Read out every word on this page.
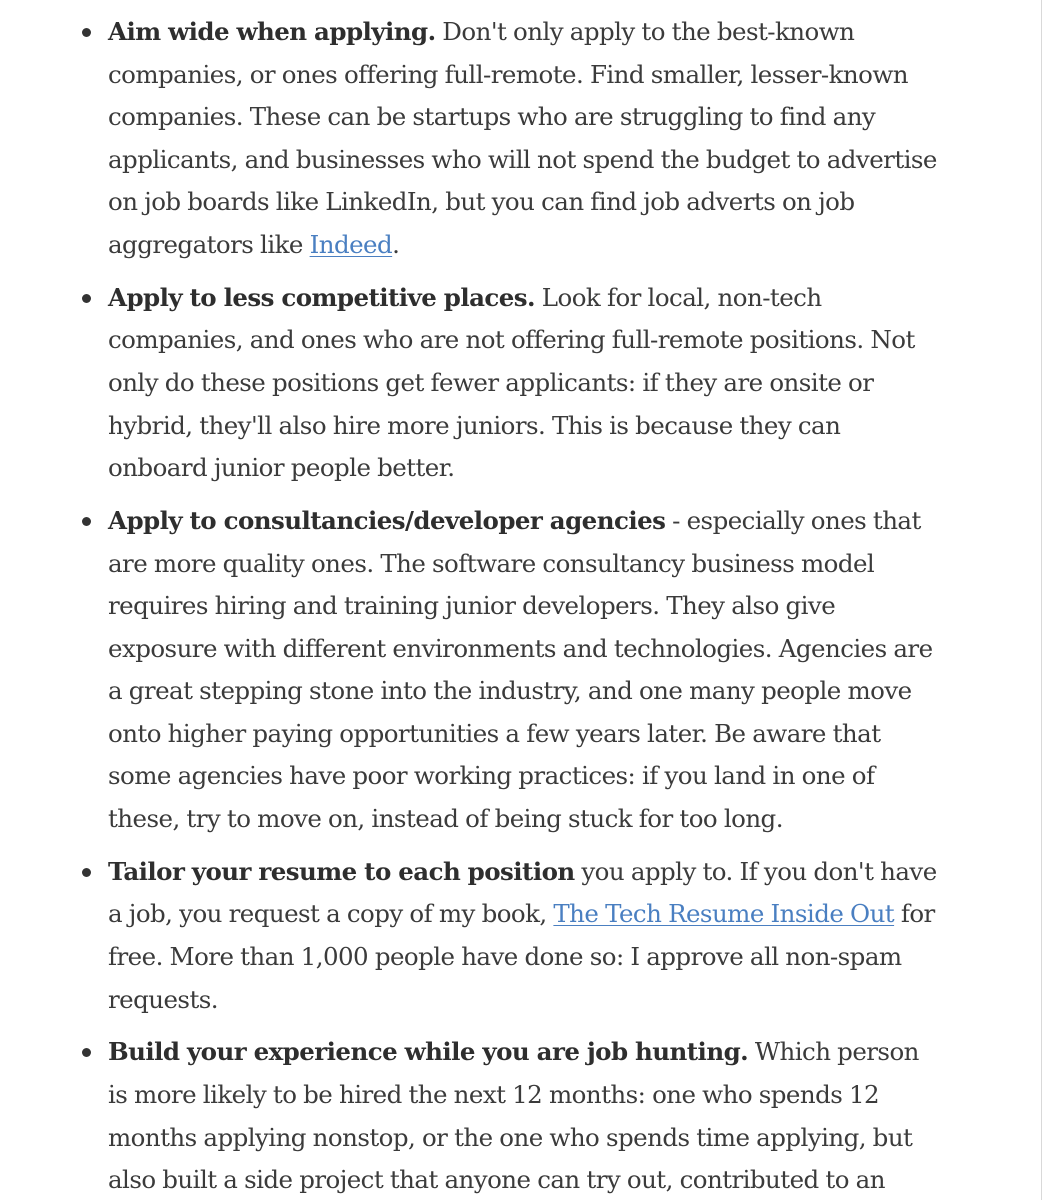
Aim wide when applying. Don't only apply to the best-known companies, or ones offering full-remote. Find smaller, lesser-known companies. These can be startups who are struggling to find any applicants, and businesses who will not spend the budget to advertise on job boards like LinkedIn, but you can find job adverts on job aggregators like Indeed.
Apply to less competitive places. Look for local, non-tech companies, and ones who are not offering full-remote positions. Not only do these positions get fewer applicants: if they are onsite or hybrid, they'll also hire more juniors. This is because they can onboard junior people better.
Apply to consultancies/developer agencies - especially ones that are more quality ones. The software consultancy business model requires hiring and training junior developers. They also give exposure with different environments and technologies. Agencies are a great stepping stone into the industry, and one many people move onto higher paying opportunities a few years later. Be aware that some agencies have poor working practices: if you land in one of these, try to move on, instead of being stuck for too long.
Tailor your resume to each position you apply to. If you don't have a job, you request a copy of my book, The Tech Resume Inside Out for free. More than 1,000 people have done so: I approve all non-spam requests.
Build your experience while you are job hunting. Which person is more likely to be hired the next 12 months: one who spends 12 months applying nonstop, or the one who spends time applying, but also built a side project that anyone can try out, contributed to an
